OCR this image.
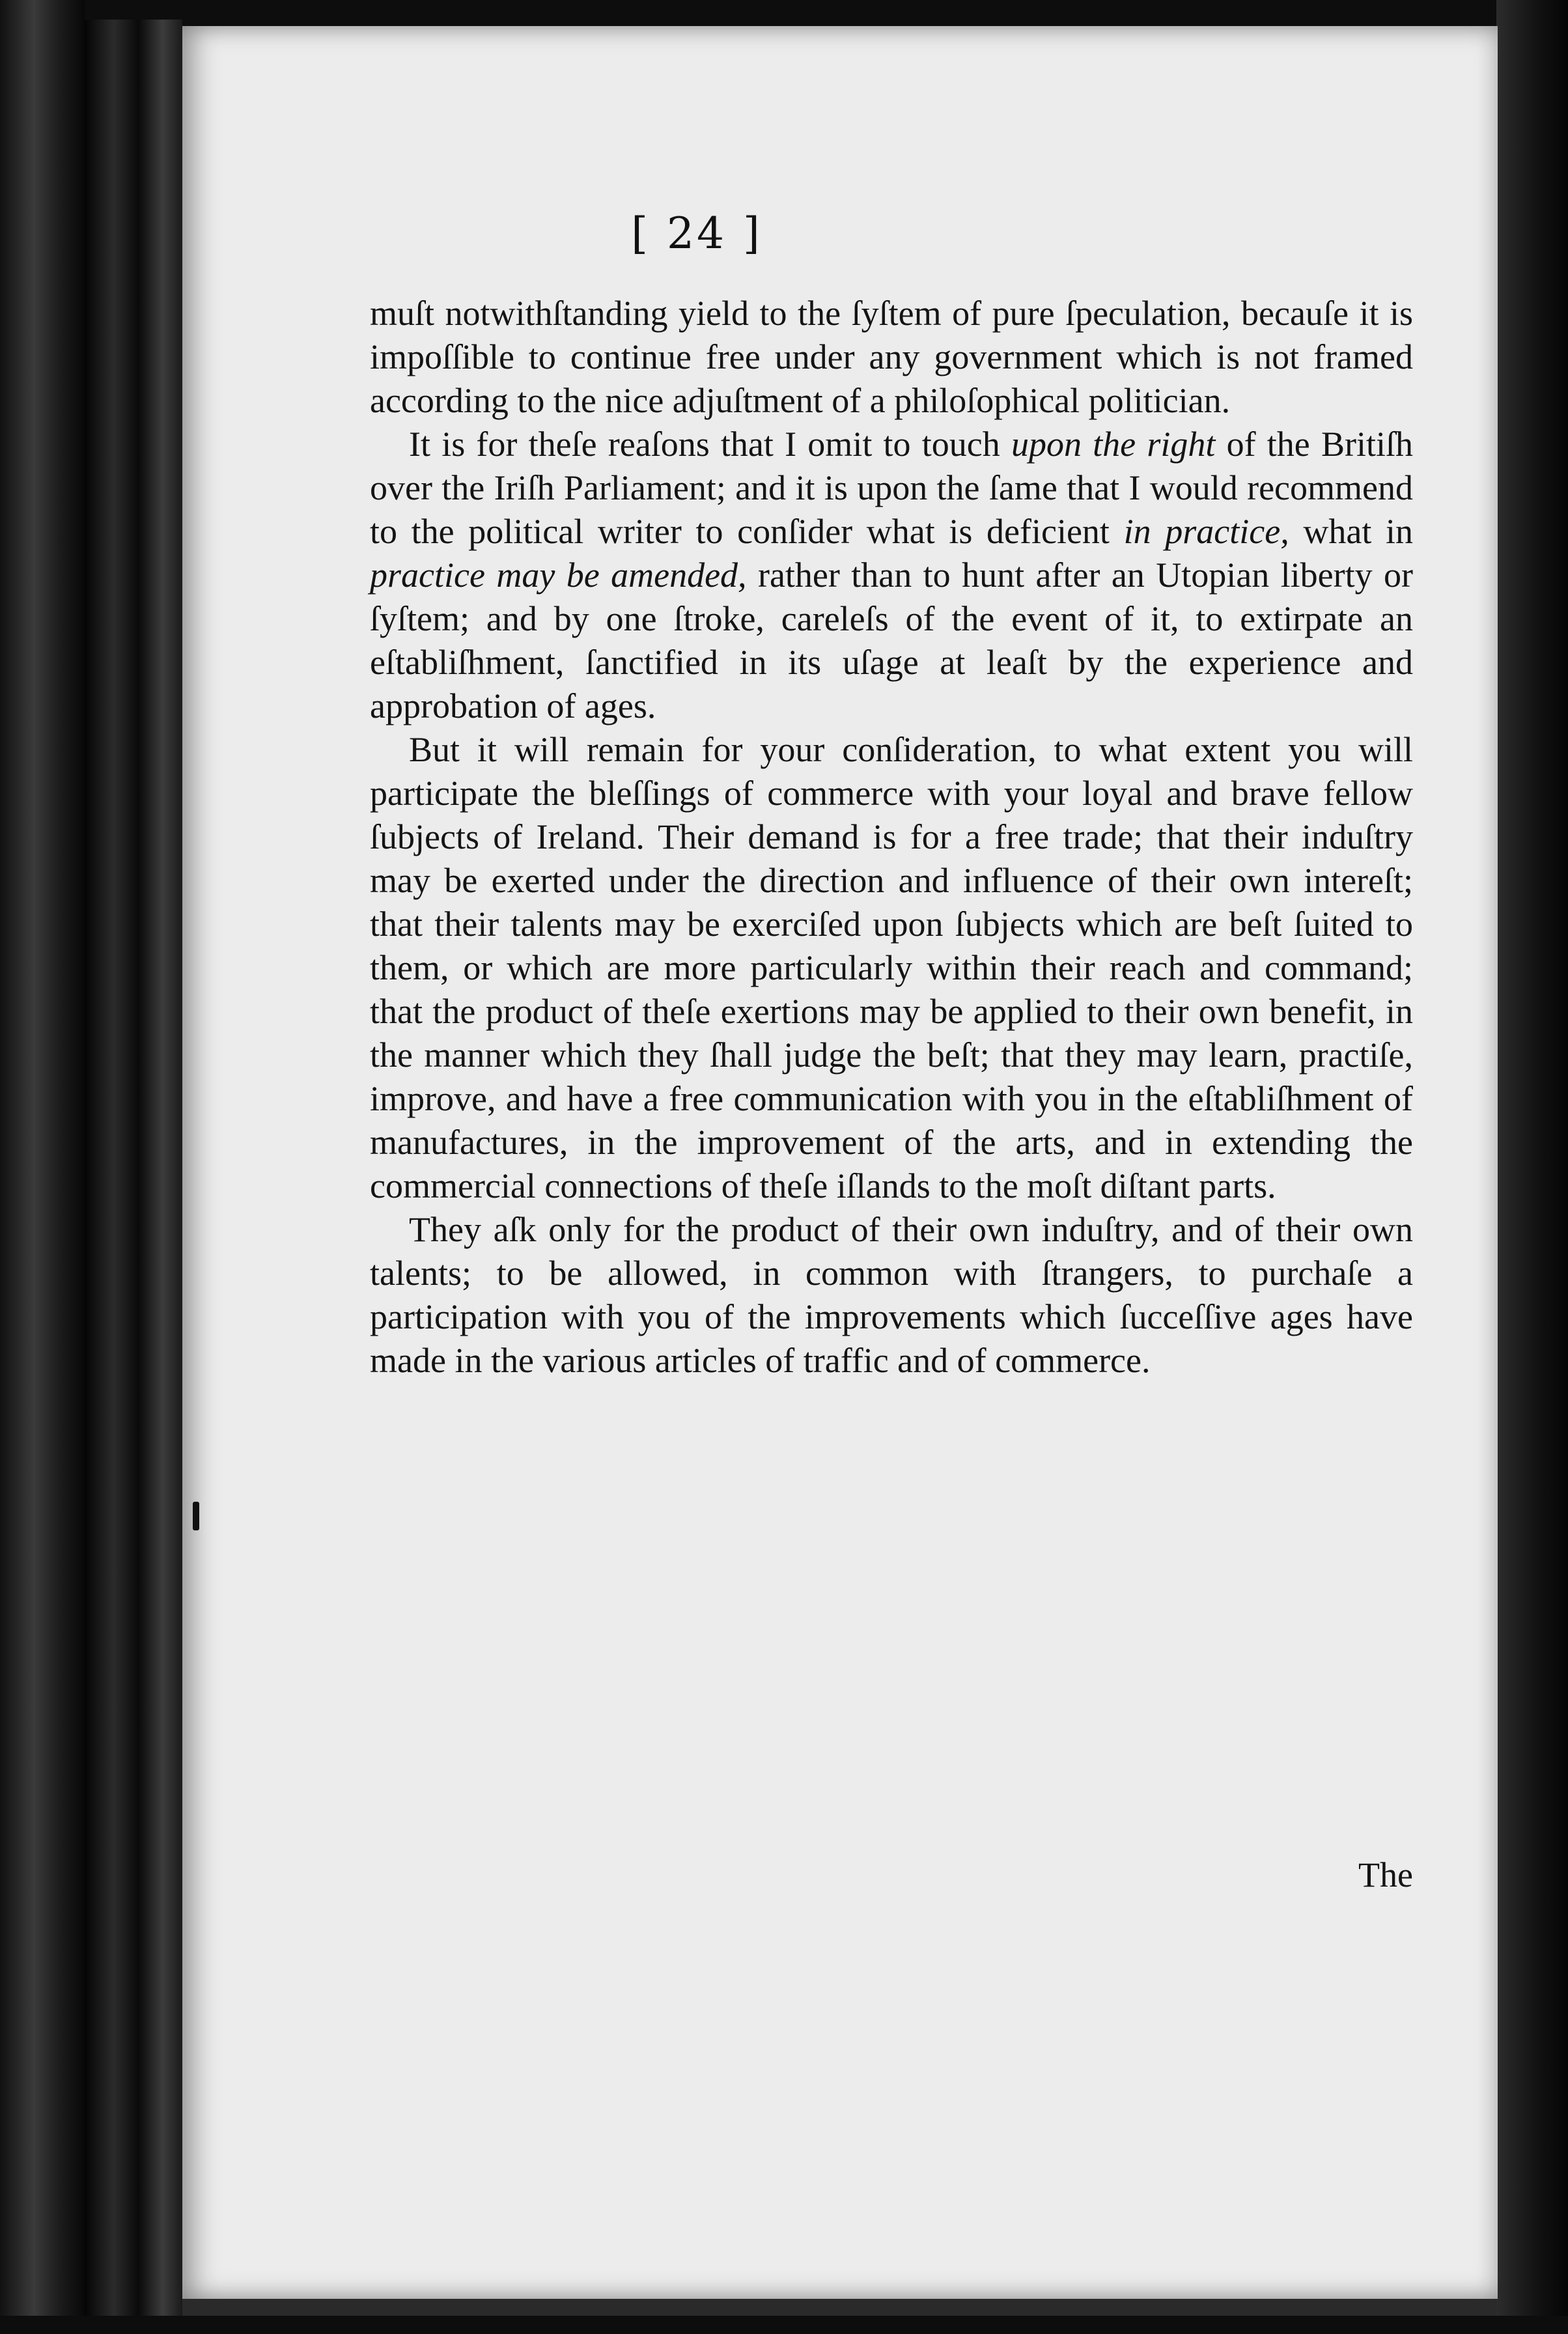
[ 24 ]

muſt notwithſtanding yield to the ſyſtem of pure ſpeculation, becauſe it is impoſſible to continue free under any government which is not framed according to the nice adjuſtment of a philoſophical politician.

It is for theſe reaſons that I omit to touch upon the right of the Britiſh over the Iriſh Parliament; and it is upon the ſame that I would recommend to the political writer to conſider what is deficient in practice, what in practice may be amended, rather than to hunt after an Utopian liberty or ſyſtem; and by one ſtroke, careleſs of the event of it, to extirpate an eſtabliſhment, ſanctified in its uſage at leaſt by the experience and approbation of ages.

But it will remain for your conſideration, to what extent you will participate the bleſſings of commerce with your loyal and brave fellow ſubjects of Ireland. Their demand is for a free trade; that their induſtry may be exerted under the direction and influence of their own intereſt; that their talents may be exerciſed upon ſubjects which are beſt ſuited to them, or which are more particularly within their reach and command; that the product of theſe exertions may be applied to their own benefit, in the manner which they ſhall judge the beſt; that they may learn, practiſe, improve, and have a free communication with you in the eſtabliſhment of manufactures, in the improvement of the arts, and in extending the commercial connections of theſe iſlands to the moſt diſtant parts.

They aſk only for the product of their own induſtry, and of their own talents; to be allowed, in common with ſtrangers, to purchaſe a participation with you of the improvements which ſucceſſive ages have made in the various articles of traffic and of commerce.

The
